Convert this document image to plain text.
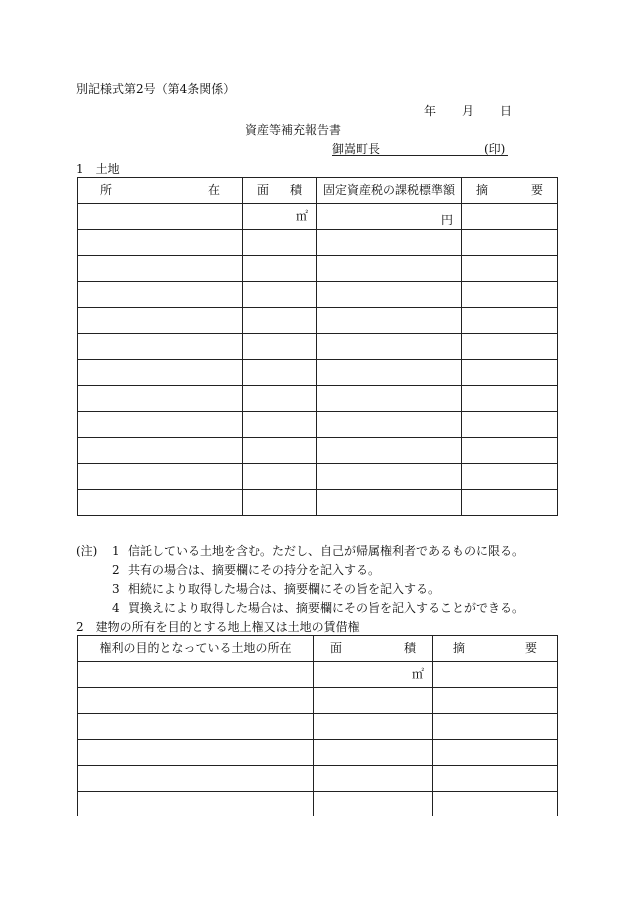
別記様式第2号（第4条関係）
年 月 日
資産等補充報告書
御嵩町長	(印)
1　土地
所 在	面 積	固定資産税の課税標準額	摘 要

	㎡	円	

(注) 1 信託している土地を含む。ただし、自己が帰属権利者であるものに限る。
2 共有の場合は、摘要欄にその持分を記入する。
3 相続により取得した場合は、摘要欄にその旨を記入する。
4 買換えにより取得した場合は、摘要欄にその旨を記入することができる。
2　建物の所有を目的とする地上権又は土地の賃借権
権利の目的となっている土地の所在	面 積	摘 要

	㎡	
